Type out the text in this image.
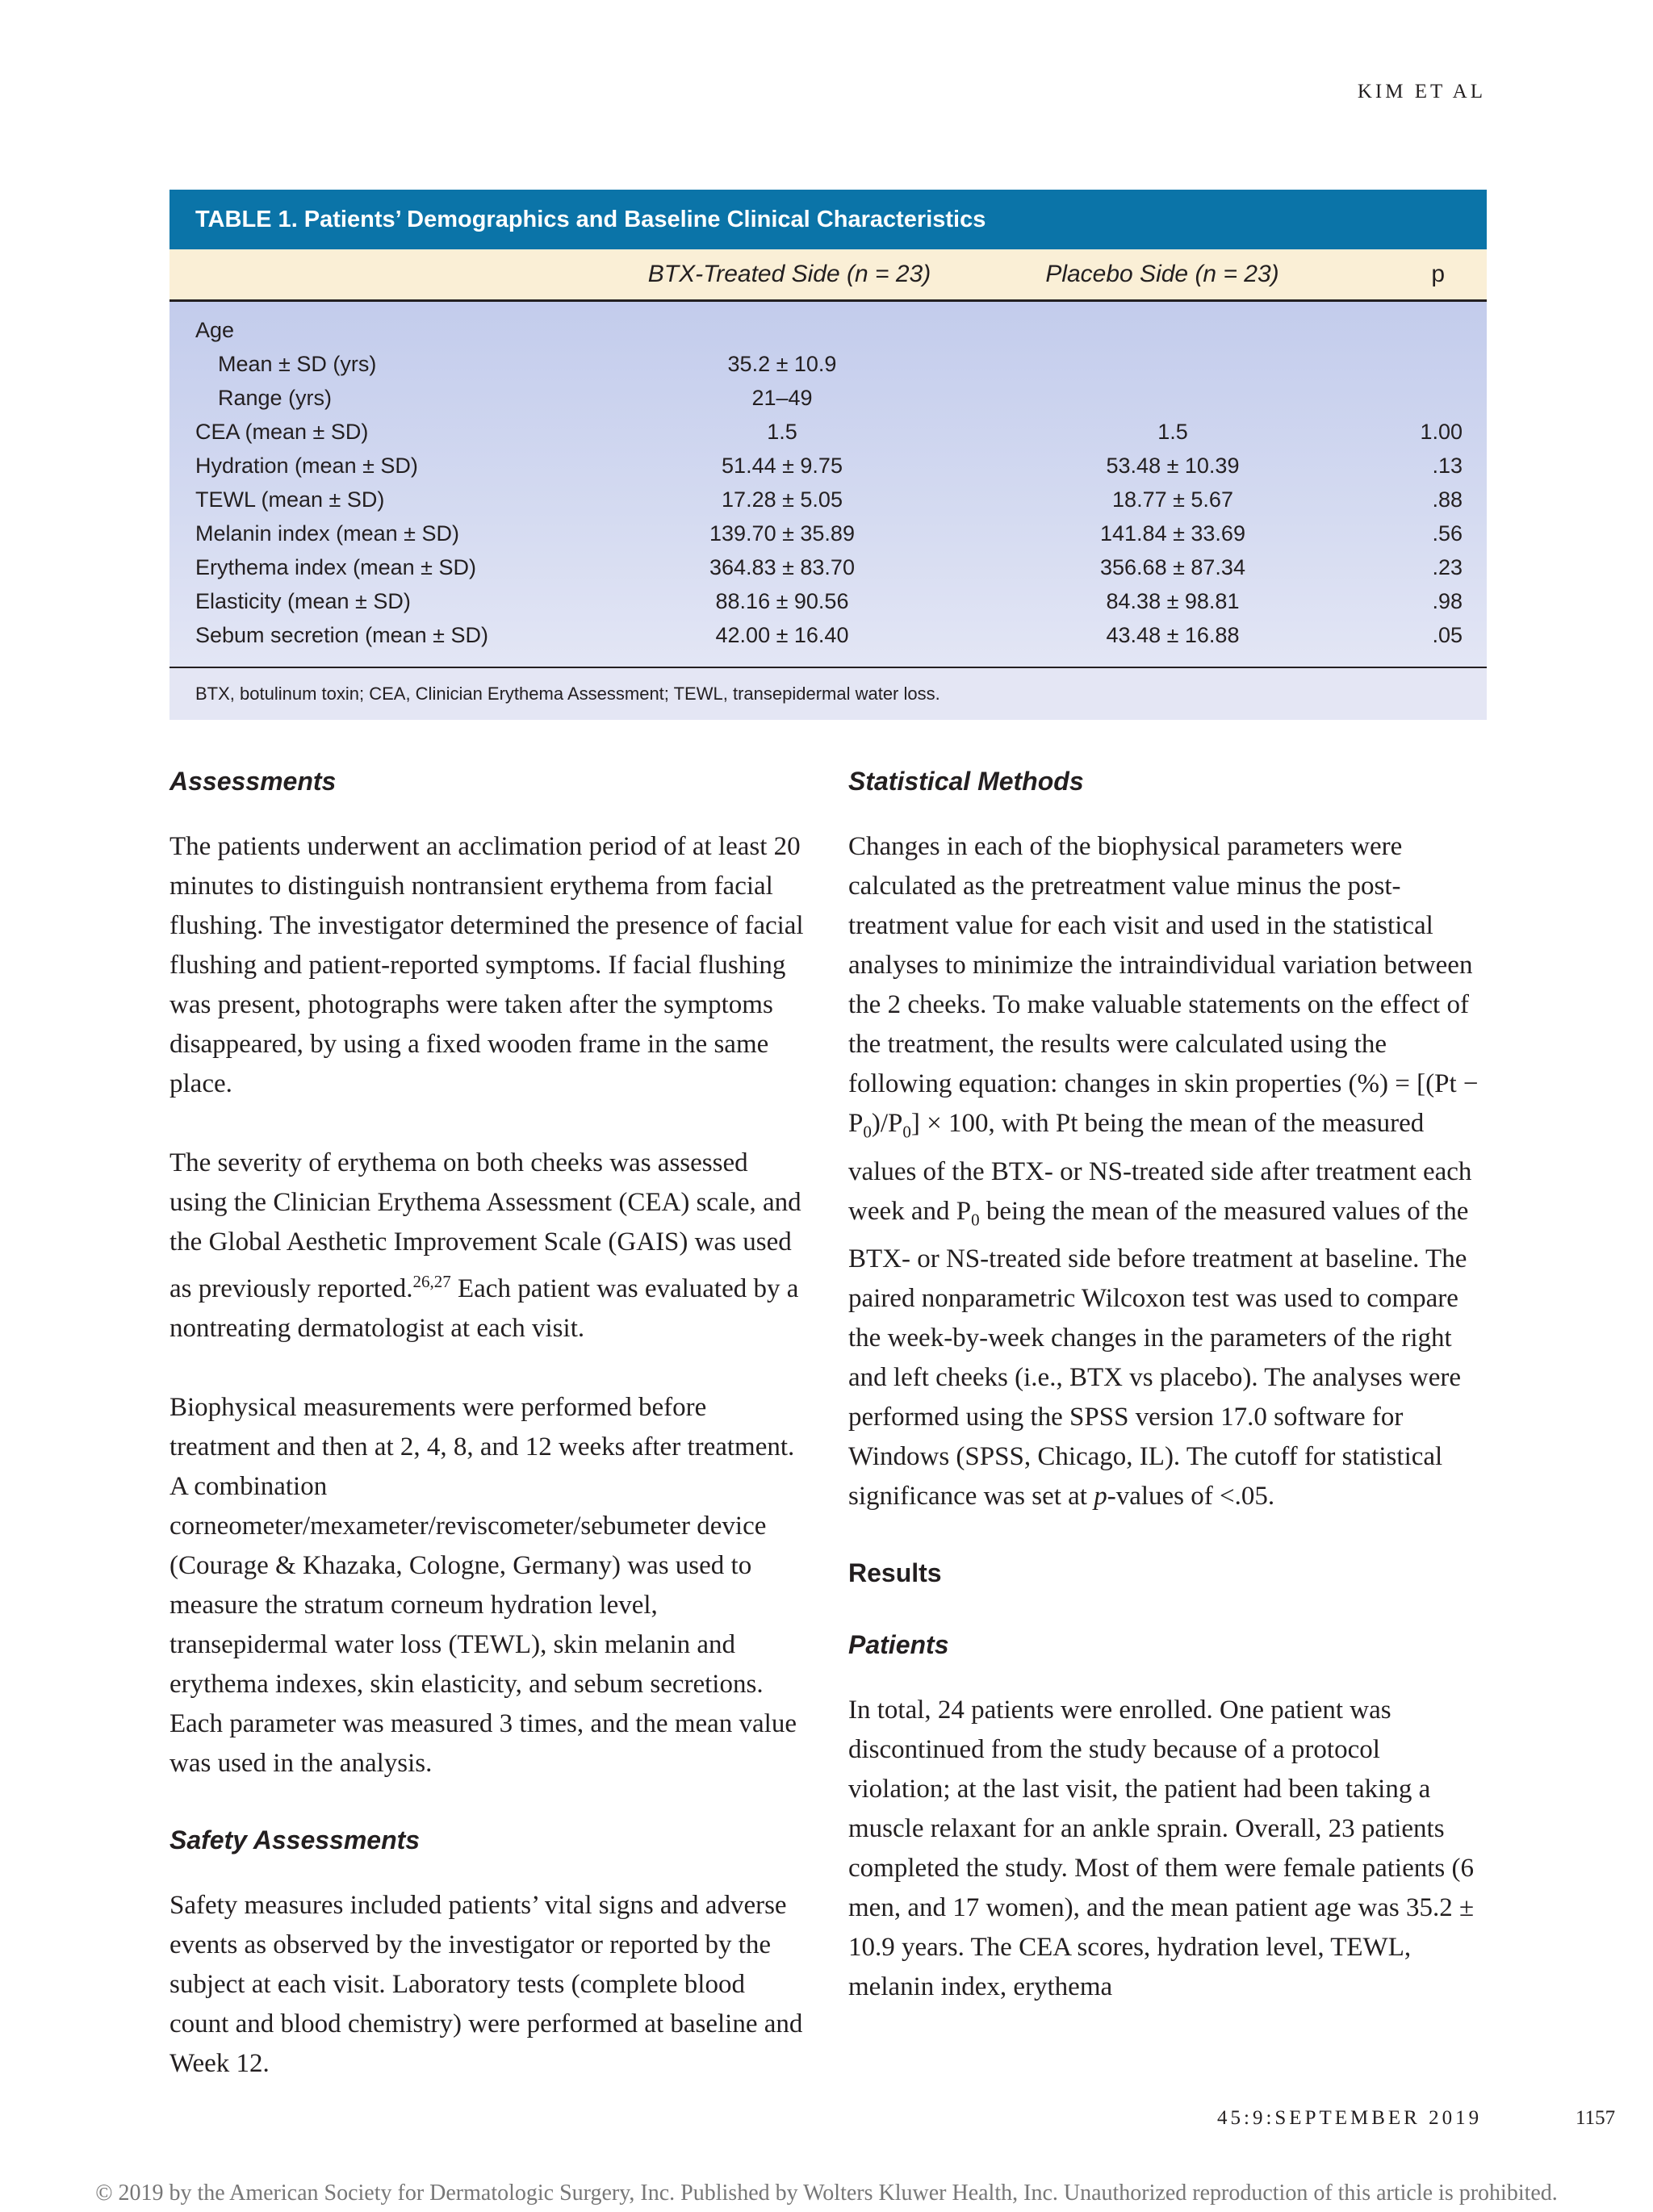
KIM ET AL
TABLE 1. Patients’ Demographics and Baseline Clinical Characteristics
BTX-Treated Side (n = 23)	Placebo Side (n = 23)	p
Age
Mean ± SD (yrs)	35.2 ± 10.9
Range (yrs)	21–49
CEA (mean ± SD)	1.5	1.5	1.00
Hydration (mean ± SD)	51.44 ± 9.75	53.48 ± 10.39	.13
TEWL (mean ± SD)	17.28 ± 5.05	18.77 ± 5.67	.88
Melanin index (mean ± SD)	139.70 ± 35.89	141.84 ± 33.69	.56
Erythema index (mean ± SD)	364.83 ± 83.70	356.68 ± 87.34	.23
Elasticity (mean ± SD)	88.16 ± 90.56	84.38 ± 98.81	.98
Sebum secretion (mean ± SD)	42.00 ± 16.40	43.48 ± 16.88	.05
BTX, botulinum toxin; CEA, Clinician Erythema Assessment; TEWL, transepidermal water loss.
Assessments

The patients underwent an acclimation period of at least 20 minutes to distinguish nontransient erythema from facial flushing. The investigator determined the presence of facial flushing and patient-reported symptoms. If facial flushing was present, photographs were taken after the symptoms disappeared, by using a fixed wooden frame in the same place.

The severity of erythema on both cheeks was assessed using the Clinician Erythema Assessment (CEA) scale, and the Global Aesthetic Improvement Scale (GAIS) was used as previously reported.$^{26,27}$ Each patient was evaluated by a nontreating dermatologist at each visit.

Biophysical measurements were performed before treatment and then at 2, 4, 8, and 12 weeks after treatment. A combination corneometer/mexameter/reviscometer/sebumeter device (Courage & Khazaka, Cologne, Germany) was used to measure the stratum corneum hydration level, transepidermal water loss (TEWL), skin melanin and erythema indexes, skin elasticity, and sebum secretions. Each parameter was measured 3 times, and the mean value was used in the analysis.

Safety Assessments

Safety measures included patients’ vital signs and adverse events as observed by the investigator or reported by the subject at each visit. Laboratory tests (complete blood count and blood chemistry) were performed at baseline and Week 12.

Statistical Methods

Changes in each of the biophysical parameters were calculated as the pretreatment value minus the post-treatment value for each visit and used in the statistical analyses to minimize the intraindividual variation between the 2 cheeks. To make valuable statements on the effect of the treatment, the results were calculated using the following equation: changes in skin properties (%) = $[(Pt - P_0)/P_0] \times 100$, with Pt being the mean of the measured values of the BTX- or NS-treated side after treatment each week and $P_0$ being the mean of the measured values of the BTX- or NS-treated side before treatment at baseline. The paired nonparametric Wilcoxon test was used to compare the week-by-week changes in the parameters of the right and left cheeks (i.e., BTX vs placebo). The analyses were performed using the SPSS version 17.0 software for Windows (SPSS, Chicago, IL). The cutoff for statistical significance was set at p-values of <.05.

Results
Patients

In total, 24 patients were enrolled. One patient was discontinued from the study because of a protocol violation; at the last visit, the patient had been taking a muscle relaxant for an ankle sprain. Overall, 23 patients completed the study. Most of them were female patients (6 men, and 17 women), and the mean patient age was 35.2 ± 10.9 years. The CEA scores, hydration level, TEWL, melanin index, erythema

45:9:SEPTEMBER 2019	1157
© 2019 by the American Society for Dermatologic Surgery, Inc. Published by Wolters Kluwer Health, Inc. Unauthorized reproduction of this article is prohibited.
